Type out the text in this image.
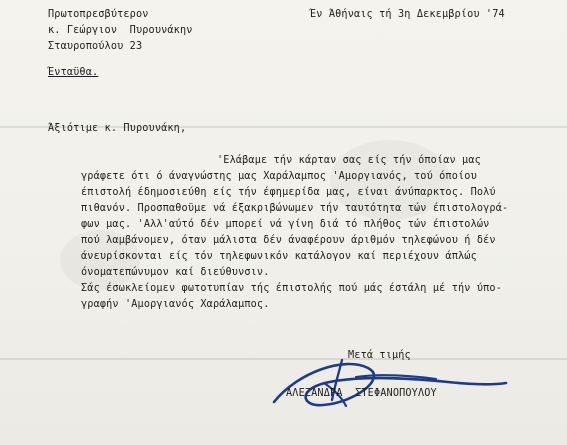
Πρωτοπρεσβύτερον
κ. Γεώργιον  Πυρουνάκην
Σταυροπούλου 23
Ένταϋθα.
Έν Άθήναις τή 3η Δεκεμβρίου '74
Άξιότιμε κ. Πυρουνάκη,
'Ελάβαμε τήν κάρταν σας είς τήν όποίαν μας
γράφετε ότι ό άναγνώστης μας Χαράλαμπος 'Αμοργιανός, τού όποίου
έπιστολή έδημοσιεύθη είς τήν έφημερίδα μας, είναι άνύπαρκτος. Πολύ
πιθανόν. Προσπαθοϋμε νά έξακριβώνωμεν τήν ταυτότητα τών έπιστολογρά-
φων μας. 'Αλλ'αύτό δέν μπορεί νά γίνη διά τό πλήθος τών έπιστολών
πού λαμβάνομεν, όταν μάλιστα δέν άναφέρουν άριθμόν τηλεφώνου ή δέν
άνευρίσκονται είς τόν τηλεφωνικόν κατάλογον καί περιέχουν άπλώς
όνοματεπώνυμον καί διεύθυνσιν.
Σάς έσωκλείομεν φωτοτυπίαν τής έπιστολής πού μάς έστάλη μέ τήν ύπο-
γραφήν 'Αμοργιανός Χαράλαμπος.
Μετά τιμής
ΑΛΕΞΑΝΔΡΑ  ΣΤΕΦΑΝΟΠΟΥΛΟΥ
